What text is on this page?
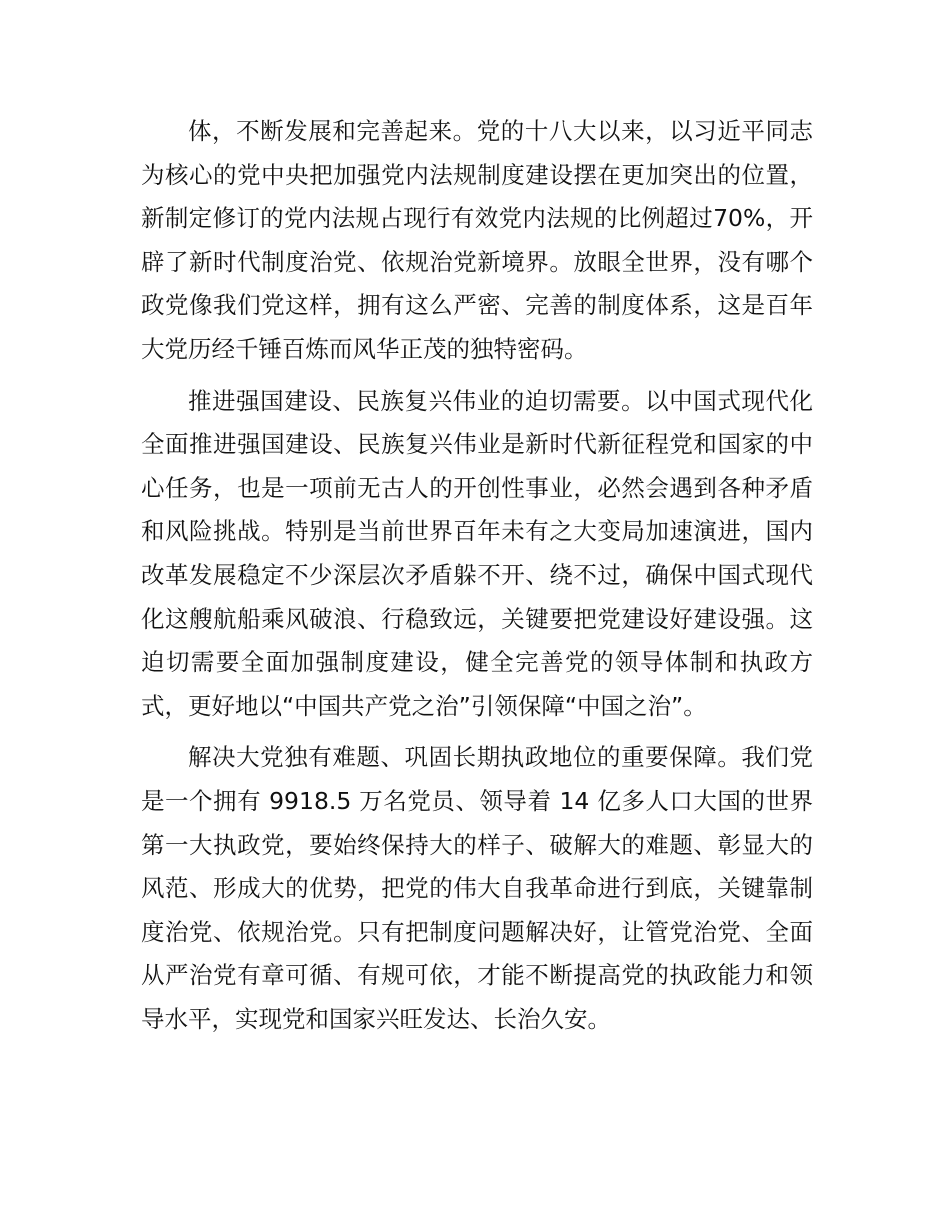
体，不断发展和完善起来。党的十八大以来，以习近平同志为核心的党中央把加强党内法规制度建设摆在更加突出的位置，新制定修订的党内法规占现行有效党内法规的比例超过70%，开辟了新时代制度治党、依规治党新境界。放眼全世界，没有哪个政党像我们党这样，拥有这么严密、完善的制度体系，这是百年大党历经千锤百炼而风华正茂的独特密码。

推进强国建设、民族复兴伟业的迫切需要。以中国式现代化全面推进强国建设、民族复兴伟业是新时代新征程党和国家的中心任务，也是一项前无古人的开创性事业，必然会遇到各种矛盾和风险挑战。特别是当前世界百年未有之大变局加速演进，国内改革发展稳定不少深层次矛盾躲不开、绕不过，确保中国式现代化这艘航船乘风破浪、行稳致远，关键要把党建设好建设强。这迫切需要全面加强制度建设，健全完善党的领导体制和执政方式，更好地以“中国共产党之治”引领保障“中国之治”。

解决大党独有难题、巩固长期执政地位的重要保障。我们党是一个拥有 9918.5 万名党员、领导着 14 亿多人口大国的世界第一大执政党，要始终保持大的样子、破解大的难题、彰显大的风范、形成大的优势，把党的伟大自我革命进行到底，关键靠制度治党、依规治党。只有把制度问题解决好，让管党治党、全面从严治党有章可循、有规可依，才能不断提高党的执政能力和领导水平，实现党和国家兴旺发达、长治久安。
